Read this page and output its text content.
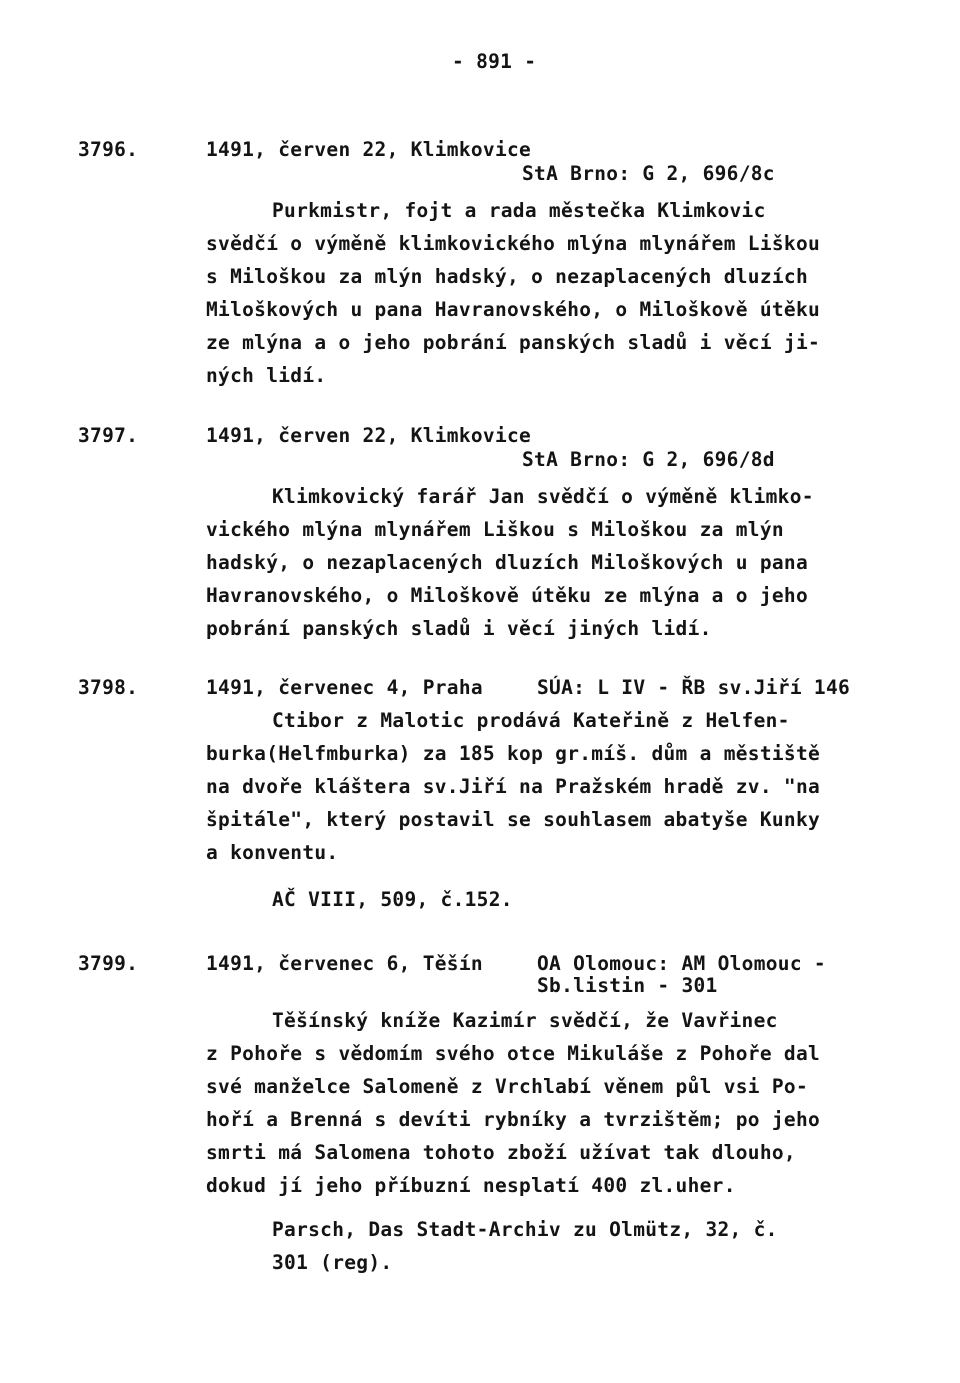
- 891 -
3796.	1491, červen 22, Klimkovice
StA Brno: G 2, 696/8c
Purkmistr, fojt a rada městečka Klimkovic
svědčí o výměně klimkovického mlýna mlynářem Liškou
s Miloškou za mlýn hadský, o nezaplacených dluzích
Miloškových u pana Havranovského, o Miloškově útěku
ze mlýna a o jeho pobrání panských sladů i věcí ji-
ných lidí.
3797.	1491, červen 22, Klimkovice
StA Brno: G 2, 696/8d
Klimkovický farář Jan svědčí o výměně klimko-
vického mlýna mlynářem Liškou s Miloškou za mlýn
hadský, o nezaplacených dluzích Miloškových u pana
Havranovského, o Miloškově útěku ze mlýna a o jeho
pobrání panských sladů i věcí jiných lidí.
3798.	1491, červenec 4, Praha	SÚA: L IV - ŘB sv.Jiří 146
Ctibor z Malotic prodává Kateřině z Helfen-
burka(Helfmburka) za 185 kop gr.míš. dům a městiště
na dvoře kláštera sv.Jiří na Pražském hradě zv. "na
špitále", který postavil se souhlasem abatyše Kunky
a konventu.
AČ VIII, 509, č.152.
3799.	1491, červenec 6, Těšín	OA Olomouc: AM Olomouc -
Sb.listin - 301
Těšínský kníže Kazimír svědčí, že Vavřinec
z Pohoře s vědomím svého otce Mikuláše z Pohoře dal
své manželce Salomeně z Vrchlabí věnem půl vsi Po-
hoří a Brenná s devíti rybníky a tvrzištěm; po jeho
smrti má Salomena tohoto zboží užívat tak dlouho,
dokud jí jeho příbuzní nesplatí 400 zl.uher.
Parsch, Das Stadt-Archiv zu Olmütz, 32, č.
301 (reg).
